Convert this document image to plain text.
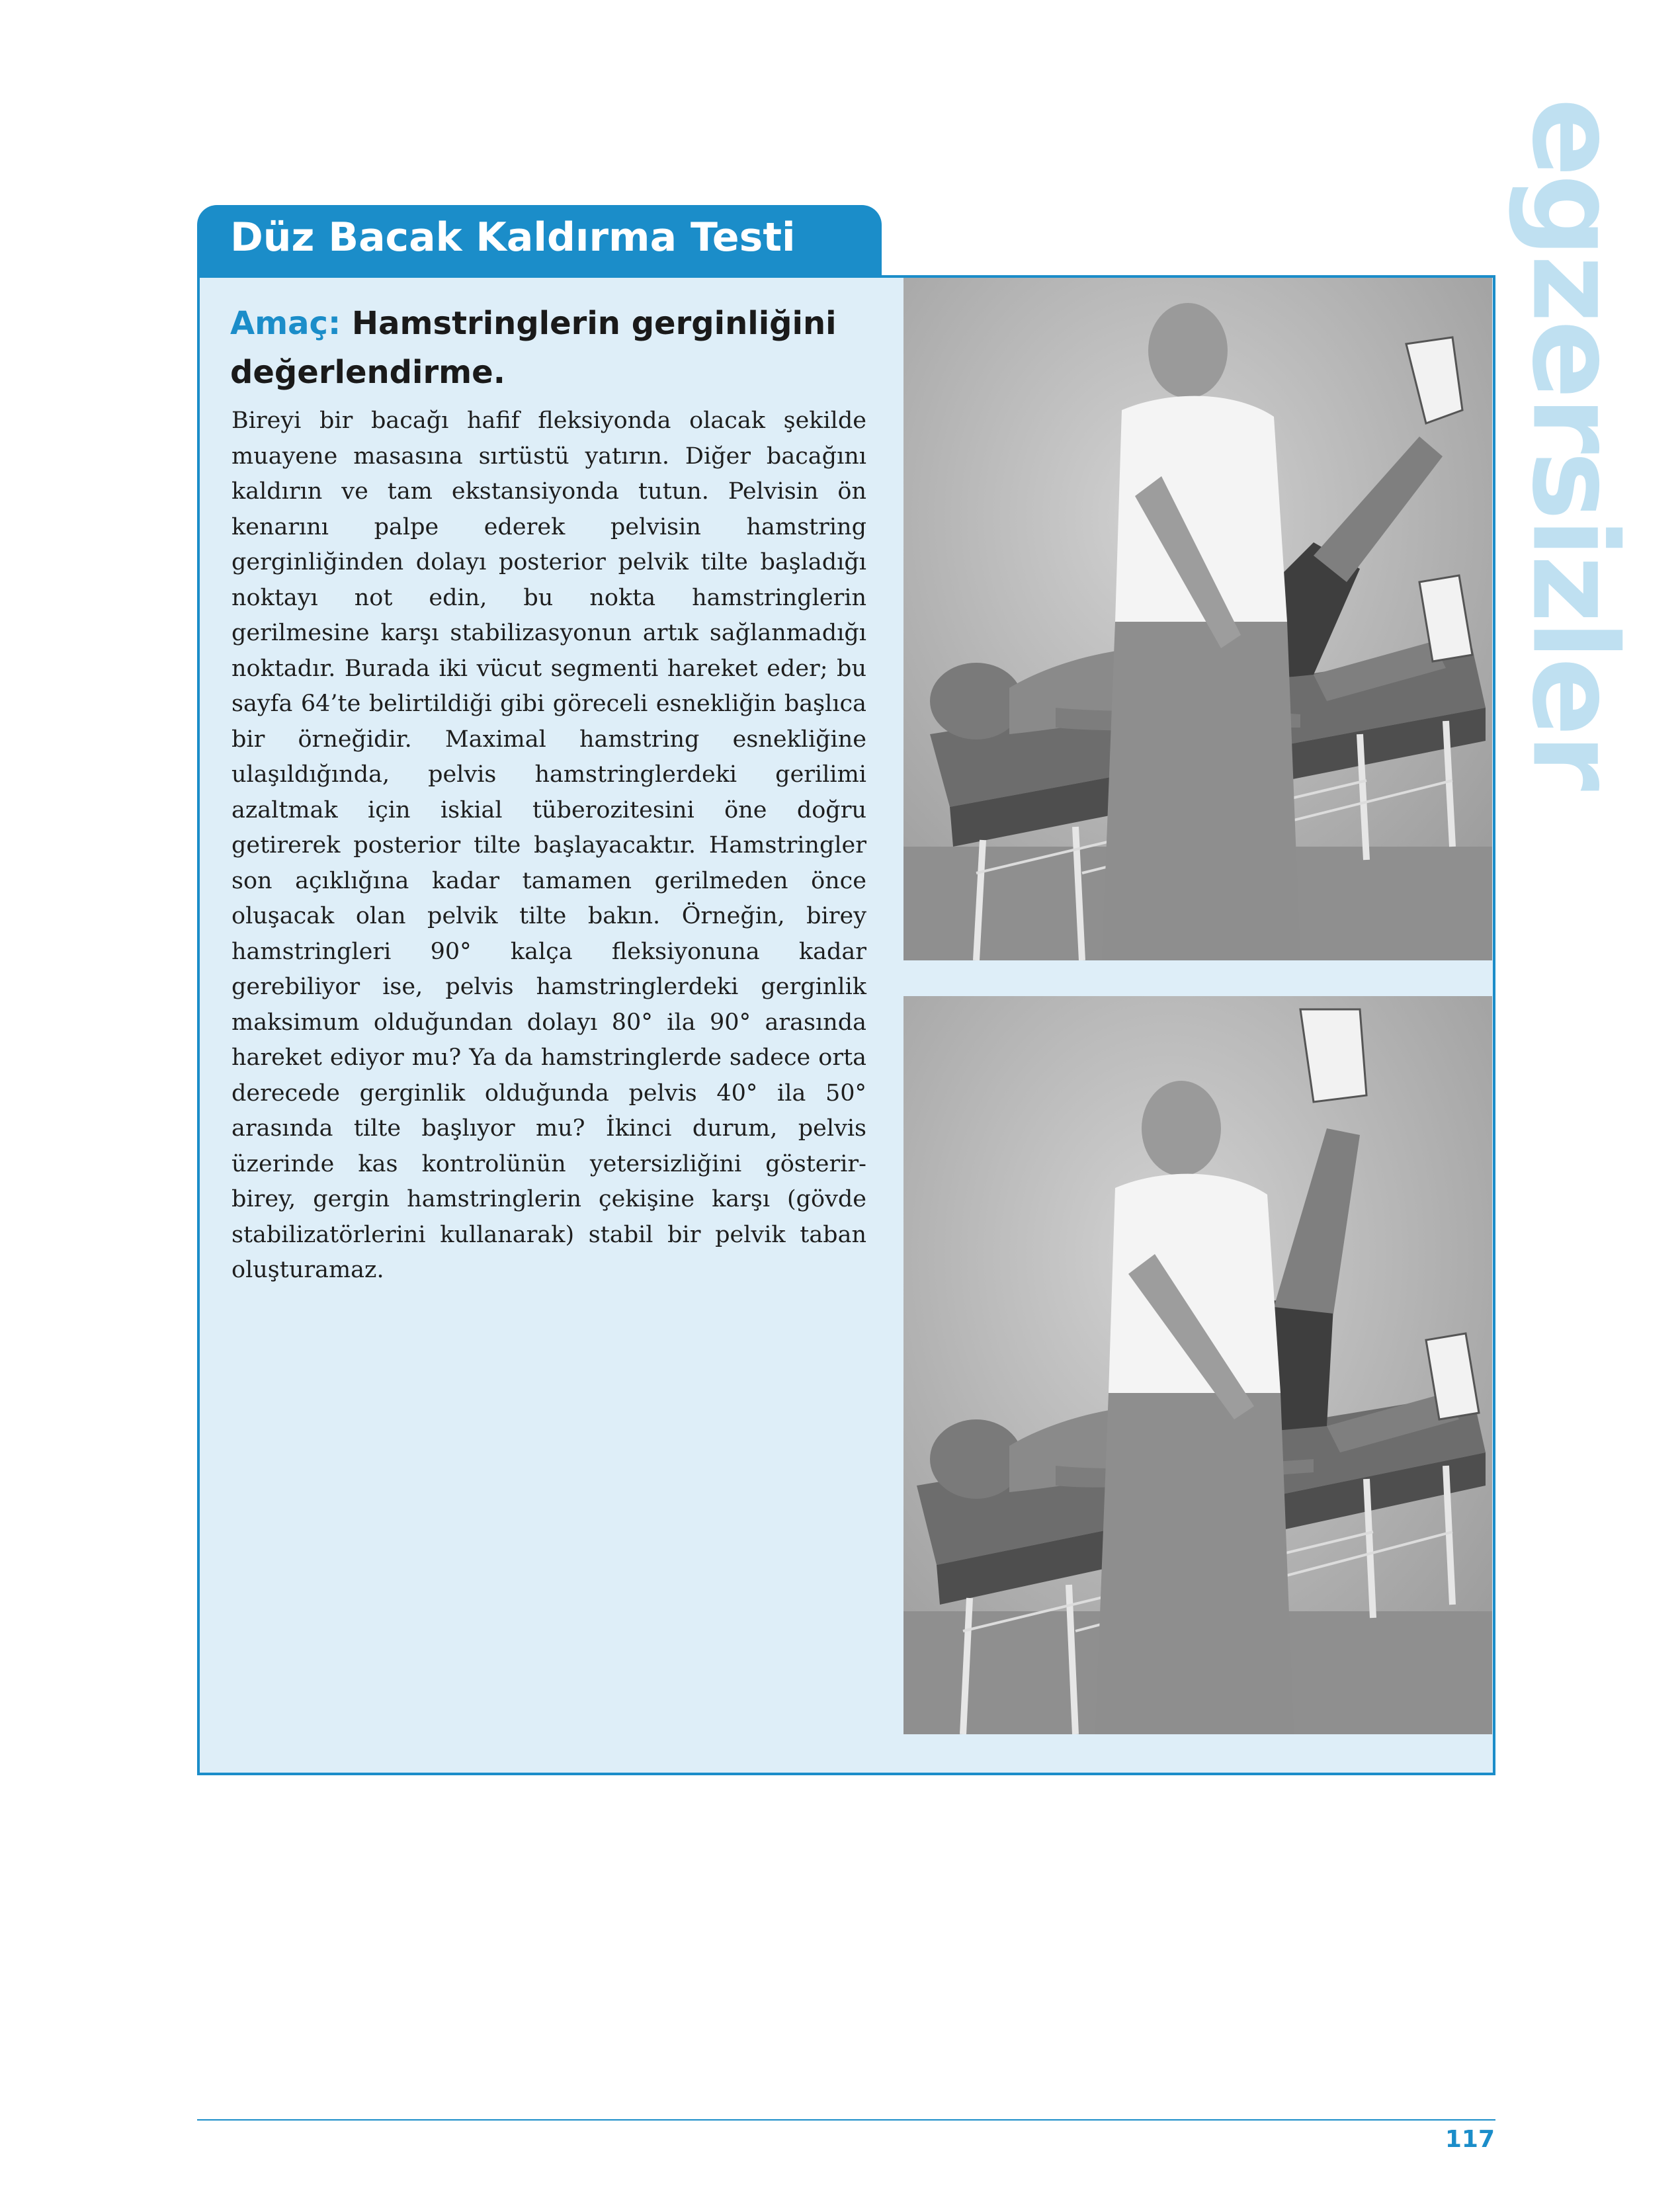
egzersizler
Düz Bacak Kaldırma Testi
Amaç: Hamstringlerin gerginliğini değerlendirme.
Bireyi bir bacağı hafif fleksiyonda olacak şekilde muayene masasına sırtüstü yatırın. Diğer bacağını kaldırın ve tam ekstansiyonda tutun. Pelvisin ön kenarını palpe ederek pelvisin hamstring gerginliğinden dolayı posterior pelvik tilte başladığı noktayı not edin, bu nokta hamstringlerin gerilmesine karşı stabilizasyonun artık sağlanmadığı noktadır. Burada iki vücut segmenti hareket eder; bu sayfa 64’te belirtildiği gibi göreceli esnekliğin başlıca bir örneğidir. Maximal hamstring esnekliğine ulaşıldığında, pelvis hamstringlerdeki gerilimi azaltmak için iskial tüberozitesini öne doğru getirerek posterior tilte başlayacaktır. Hamstringler son açıklığına kadar tamamen gerilmeden önce oluşacak olan pelvik tilte bakın. Örneğin, birey hamstringleri 90° kalça fleksiyonuna kadar gerebiliyor ise, pelvis hamstringlerdeki gerginlik maksimum olduğundan dolayı 80° ila 90° arasında hareket ediyor mu? Ya da hamstringlerde sadece orta derecede gerginlik olduğunda pelvis 40° ila 50° arasında tilte başlıyor mu? İkinci durum, pelvis üzerinde kas kontrolünün yetersizliğini gösterir- birey, gergin hamstringlerin çekişine karşı (gövde stabilizatörlerini kullanarak) stabil bir pelvik taban oluşturamaz.
117
